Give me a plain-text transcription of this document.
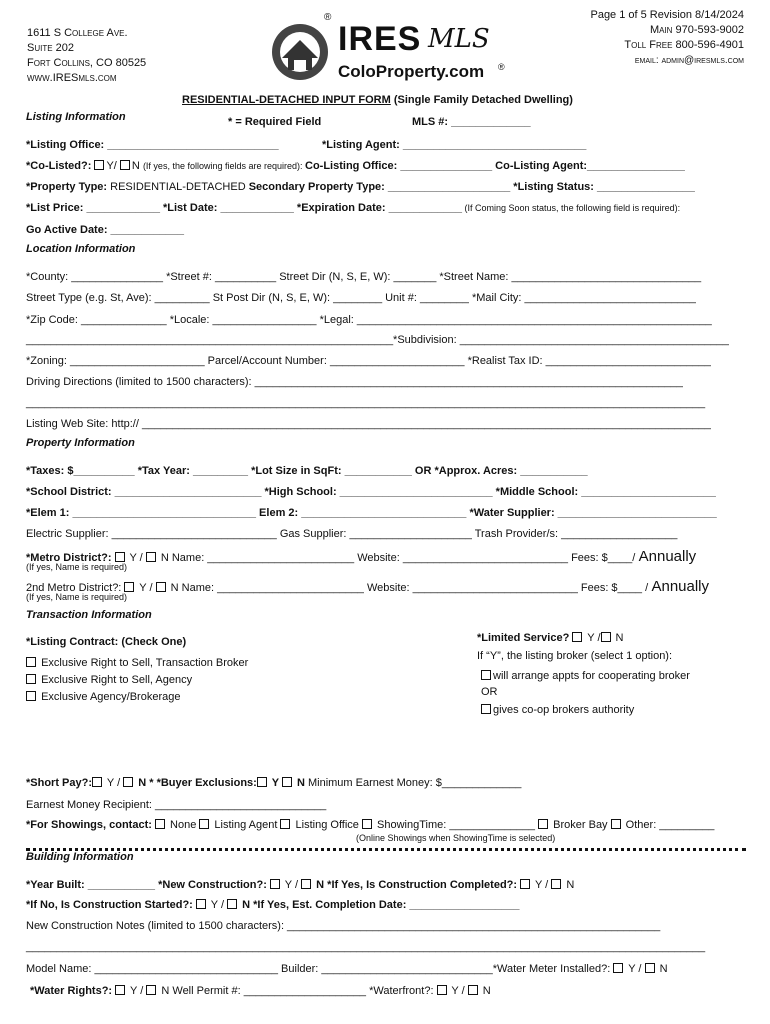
1611 S College Ave.
Suite 202
Fort Collins, CO 80525
www.IRESmls.com
IRES MLS
®
ColoProperty.com ®
Page 1 of 5 Revision 8/14/2024
Main 970-593-9002
Toll Free 800-596-4901
email: admin@iresmls.com
RESIDENTIAL-DETACHED INPUT FORM (Single Family Detached Dwelling)
Listing Information	* = Required Field	MLS #: _____________
*Listing Office: ____________________________	*Listing Agent: ______________________________
*Co-Listed?: Y/ N (If yes, the following fields are required): Co-Listing Office: _______________ Co-Listing Agent:________________
*Property Type: RESIDENTIAL-DETACHED Secondary Property Type: ____________________ *Listing Status: ________________
*List Price: ____________ *List Date: ____________ *Expiration Date: ____________ (If Coming Soon status, the following field is required):
Go Active Date: ____________
Location Information
*County: _______________ *Street #: __________ Street Dir (N, S, E, W): _______ *Street Name: _______________________________
Street Type (e.g. St, Ave): _________ St Post Dir (N, S, E, W): ________ Unit #: ________ *Mail City: ____________________________
*Zip Code: ______________ *Locale: _________________ *Legal: __________________________________________________________
____________________________________________________________*Subdivision: ____________________________________________
*Zoning: ______________________ Parcel/Account Number: ______________________ *Realist Tax ID: ___________________________
Driving Directions (limited to 1500 characters): ______________________________________________________________________
_______________________________________________________________________________________________________________
Listing Web Site: http:// _____________________________________________________________________________________________
Property Information
*Taxes: $__________ *Tax Year: _________ *Lot Size in SqFt: ___________ OR *Approx. Acres: ___________
*School District: ________________________ *High School: _________________________ *Middle School: ______________________
*Elem 1: ______________________________ Elem 2: ___________________________ *Water Supplier: __________________________
Electric Supplier: ___________________________ Gas Supplier: ____________________ Trash Provider/s: ___________________
*Metro District?:  Y /  N Name: ________________________ Website: ___________________________ Fees: $____/ Annually
(If yes, Name is required)
2nd Metro District?:  Y /  N Name: ________________________ Website: ___________________________ Fees: $____ / Annually
(If yes, Name is required)
Transaction Information
*Listing Contract: (Check One)
Exclusive Right to Sell, Transaction Broker
Exclusive Right to Sell, Agency
Exclusive Agency/Brokerage
*Limited Service?  Y / N
If “Y”, the listing broker (select 1 option):
will arrange appts for cooperating broker
OR
gives co-op brokers authority
*Short Pay?: Y /  N * *Buyer Exclusions: Y  N Minimum Earnest Money: $_____________
Earnest Money Recipient: ____________________________
*For Showings, contact:  None  Listing Agent  Listing Office  ShowingTime: ______________  Broker Bay  Other: _________
(Online Showings when ShowingTime is selected)
Building Information
*Year Built: ___________ *New Construction?:  Y /  N *If Yes, Is Construction Completed?:  Y /  N
*If No, Is Construction Started?:  Y /  N *If Yes, Est. Completion Date: __________________
New Construction Notes (limited to 1500 characters): _____________________________________________________________
_______________________________________________________________________________________________________________
Model Name: ______________________________ Builder: ____________________________*Water Meter Installed?:  Y /  N
*Water Rights?:  Y /  N Well Permit #: ____________________ *Waterfront?:  Y /  N
